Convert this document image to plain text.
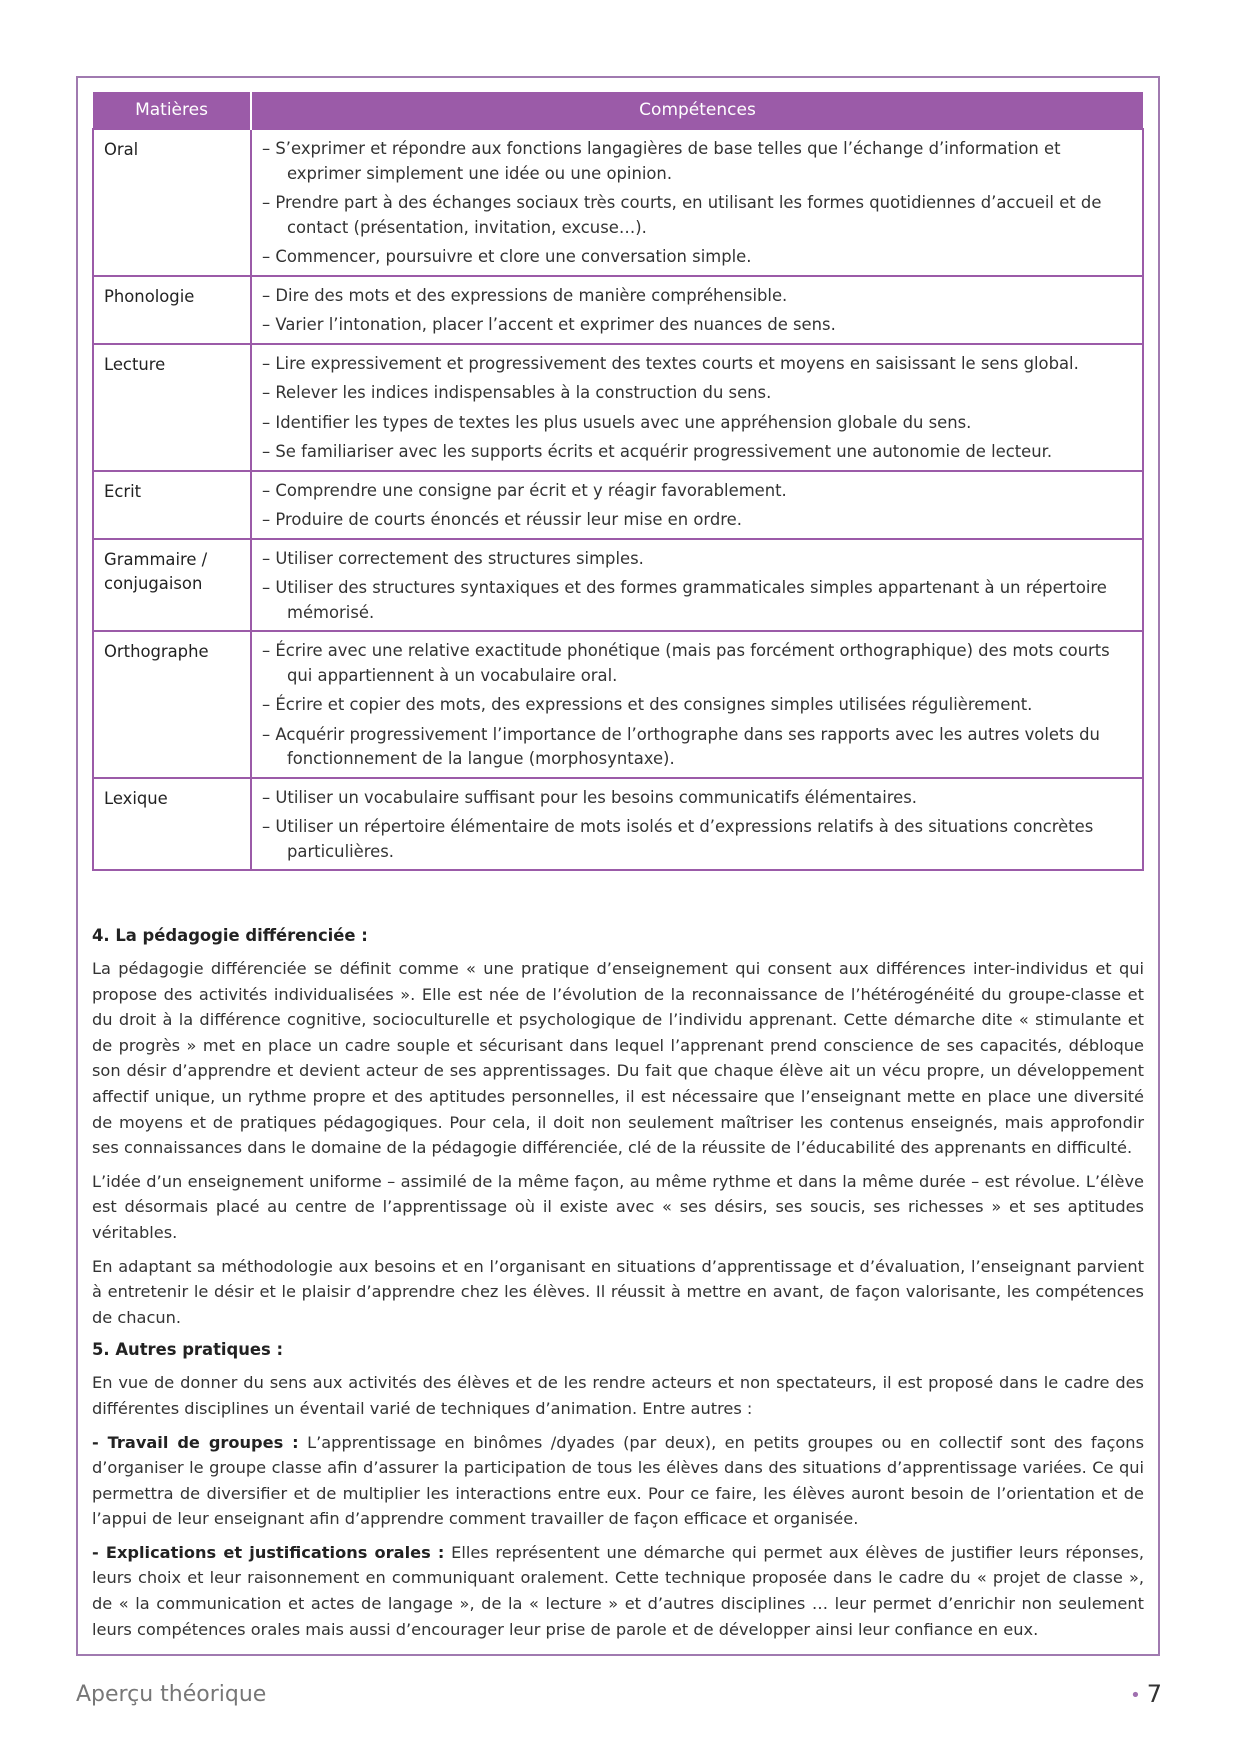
Matières	Compétences
Oral	– S’exprimer et répondre aux fonctions langagières de base telles que l’échange d’information et exprimer simplement une idée ou une opinion.
– Prendre part à des échanges sociaux très courts, en utilisant les formes quotidiennes d’accueil et de contact (présentation, invitation, excuse…).
– Commencer, poursuivre et clore une conversation simple.

Phonologie	– Dire des mots et des expressions de manière compréhensible.
– Varier l’intonation, placer l’accent et exprimer des nuances de sens.

Lecture	– Lire expressivement et progressivement des textes courts et moyens en saisissant le sens global.
– Relever les indices indispensables à la construction du sens.
– Identifier les types de textes les plus usuels avec une appréhension globale du sens.
– Se familiariser avec les supports écrits et acquérir progressivement une autonomie de lecteur.

Ecrit	– Comprendre une consigne par écrit et y réagir favorablement.
– Produire de courts énoncés et réussir leur mise en ordre.

Grammaire / conjugaison	– Utiliser correctement des structures simples.
– Utiliser des structures syntaxiques et des formes grammaticales simples appartenant à un répertoire mémorisé.

Orthographe	– Écrire avec une relative exactitude phonétique (mais pas forcément orthographique) des mots courts qui appartiennent à un vocabulaire oral.
– Écrire et copier des mots, des expressions et des consignes simples utilisées régulièrement.
– Acquérir progressivement l’importance de l’orthographe dans ses rapports avec les autres volets du fonctionnement de la langue (morphosyntaxe).

Lexique	– Utiliser un vocabulaire suffisant pour les besoins communicatifs élémentaires.
– Utiliser un répertoire élémentaire de mots isolés et d’expressions relatifs à des situations concrètes particulières.
4. La pédagogie différenciée :

La pédagogie différenciée se définit comme « une pratique d’enseignement qui consent aux différences inter-individus et qui propose des activités individualisées ». Elle est née de l’évolution de la reconnaissance de l’hétérogénéité du groupe-classe et du droit à la différence cognitive, socioculturelle et psychologique de l’individu apprenant. Cette démarche dite « stimulante et de progrès » met en place un cadre souple et sécurisant dans lequel l’apprenant prend conscience de ses capacités, débloque son désir d’apprendre et devient acteur de ses apprentissages. Du fait que chaque élève ait un vécu propre, un développement affectif unique, un rythme propre et des aptitudes personnelles, il est nécessaire que l’enseignant mette en place une diversité de moyens et de pratiques pédagogiques. Pour cela, il doit non seulement maîtriser les contenus enseignés, mais approfondir ses connaissances dans le domaine de la pédagogie différenciée, clé de la réussite de l’éducabilité des apprenants en difficulté.

L’idée d’un enseignement uniforme – assimilé de la même façon, au même rythme et dans la même durée – est révolue. L’élève est désormais placé au centre de l’apprentissage où il existe avec « ses désirs, ses soucis, ses richesses » et ses aptitudes véritables.

En adaptant sa méthodologie aux besoins et en l’organisant en situations d’apprentissage et d’évaluation, l’enseignant parvient à entretenir le désir et le plaisir d’apprendre chez les élèves. Il réussit à mettre en avant, de façon valorisante, les compétences de chacun.

5. Autres pratiques :

En vue de donner du sens aux activités des élèves et de les rendre acteurs et non spectateurs, il est proposé dans le cadre des différentes disciplines un éventail varié de techniques d’animation. Entre autres :

- Travail de groupes : L’apprentissage en binômes /dyades (par deux), en petits groupes ou en collectif sont des façons d’organiser le groupe classe afin d’assurer la participation de tous les élèves dans des situations d’apprentissage variées. Ce qui permettra de diversifier et de multiplier les interactions entre eux. Pour ce faire, les élèves auront besoin de l’orientation et de l’appui de leur enseignant afin d’apprendre comment travailler de façon efficace et organisée.

- Explications et justifications orales : Elles représentent une démarche qui permet aux élèves de justifier leurs réponses, leurs choix et leur raisonnement en communiquant oralement. Cette technique proposée dans le cadre du « projet de classe », de « la communication et actes de langage », de la « lecture » et d’autres disciplines … leur permet d’enrichir non seulement leurs compétences orales mais aussi d’encourager leur prise de parole et de développer ainsi leur confiance en eux.

Aperçu théorique	• 7
